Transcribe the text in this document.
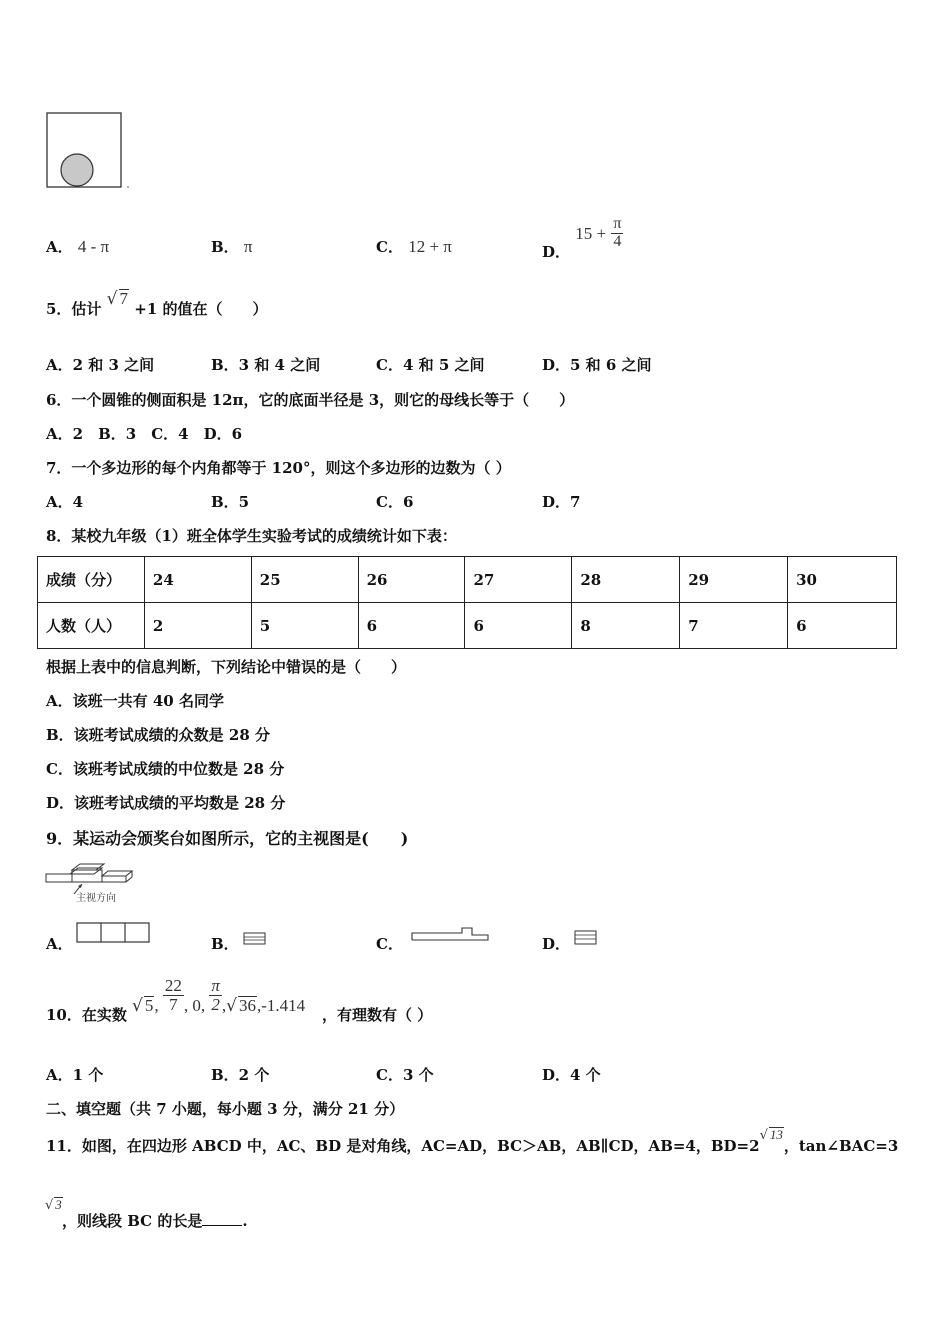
A． 4 - π	B． π	C． 12 + π	D． $15 + \frac{\pi}{4}$
5．估计 √ 7 +1 的值在（　　）
A．2 和 3 之间	B．3 和 4 之间	C．4 和 5 之间	D．5 和 6 之间
6．一个圆锥的侧面积是 12π，它的底面半径是 3，则它的母线长等于（　　）
A．2　B．3　C．4　D．6
7．一个多边形的每个内角都等于 120°，则这个多边形的边数为（ ）
A．4	B．5	C．6	D．7
8．某校九年级（1）班全体学生实验考试的成绩统计如下表：
成绩（分）	24	25	26	27	28	29	30
人数（人）	2	5	6	6	8	7	6
根据上表中的信息判断，下列结论中错误的是（　　）
A．该班一共有 40 名同学
B．该班考试成绩的众数是 28 分
C．该班考试成绩的中位数是 28 分
D．该班考试成绩的平均数是 28 分
9．某运动会颁奖台如图所示，它的主视图是(　　)
主视方向
A．	B．	C．	D．
10．在实数 √ 5, $\frac{22}{7}$ , 0, $\frac{\pi}{2}$ ,√ 36,-1.414 ，有理数有（ ）
A．1 个	B．2 个	C．3 个	D．4 个
二、填空题（共 7 小题，每小题 3 分，满分 21 分）
11．如图，在四边形 ABCD 中，AC、BD 是对角线，AC=AD，BC＞AB，AB∥CD，AB=4，BD=2√ 13，tan∠BAC=3
√ 3
，则线段 BC 的长是	.
